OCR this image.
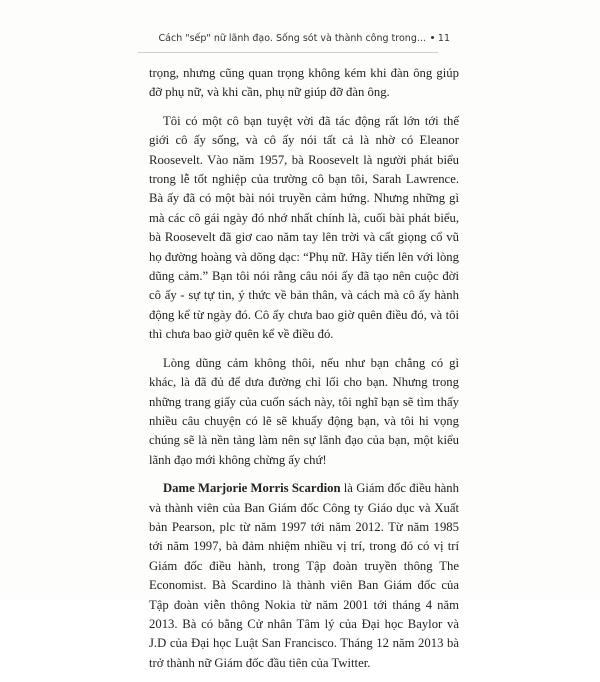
Cách "sếp" nữ lãnh đạo. Sống sót và thành công trong... 11

trọng, nhưng cũng quan trọng không kém khi đàn ông giúp đỡ phụ nữ, và khi cần, phụ nữ giúp đỡ đàn ông.

Tôi có một cô bạn tuyệt vời đã tác động rất lớn tới thế giới cô ấy sống, và cô ấy nói tất cả là nhờ có Eleanor Roosevelt. Vào năm 1957, bà Roosevelt là người phát biểu trong lễ tốt nghiệp của trường cô bạn tôi, Sarah Lawrence. Bà ấy đã có một bài nói truyền cảm hứng. Nhưng những gì mà các cô gái ngày đó nhớ nhất chính là, cuối bài phát biểu, bà Roosevelt đã giơ cao năm tay lên trời và cất giọng cổ vũ họ đường hoàng và dõng dạc: “Phụ nữ. Hãy tiến lên với lòng dũng cảm.” Bạn tôi nói rằng câu nói ấy đã tạo nên cuộc đời cô ấy - sự tự tin, ý thức về bản thân, và cách mà cô ấy hành động kể từ ngày đó. Cô ấy chưa bao giờ quên điều đó, và tôi thì chưa bao giờ quên kể về điều đó.

Lòng dũng cảm không thôi, nếu như bạn chẳng có gì khác, là đã đủ để dưa đường chỉ lối cho bạn. Nhưng trong những trang giấy của cuốn sách này, tôi nghĩ bạn sẽ tìm thấy nhiều câu chuyện có lẽ sẽ khuấy động bạn, và tôi hi vọng chúng sẽ là nền tảng làm nên sự lãnh đạo của bạn, một kiểu lãnh đạo mới không chừng ấy chứ!

Dame Marjorie Morris Scardion là Giám đốc điều hành và thành viên của Ban Giám đốc Công ty Giáo dục và Xuất bản Pearson, plc từ năm 1997 tới năm 2012. Từ năm 1985 tới năm 1997, bà đảm nhiệm nhiều vị trí, trong đó có vị trí Giám đốc điều hành, trong Tập đoàn truyền thông The Economist. Bà Scardino là thành viên Ban Giám đốc của Tập đoàn viễn thông Nokia từ năm 2001 tới tháng 4 năm 2013. Bà có bằng Cử nhân Tâm lý của Đại học Baylor và J.D của Đại học Luật San Francisco. Tháng 12 năm 2013 bà trở thành nữ Giám đốc đầu tiên của Twitter.
